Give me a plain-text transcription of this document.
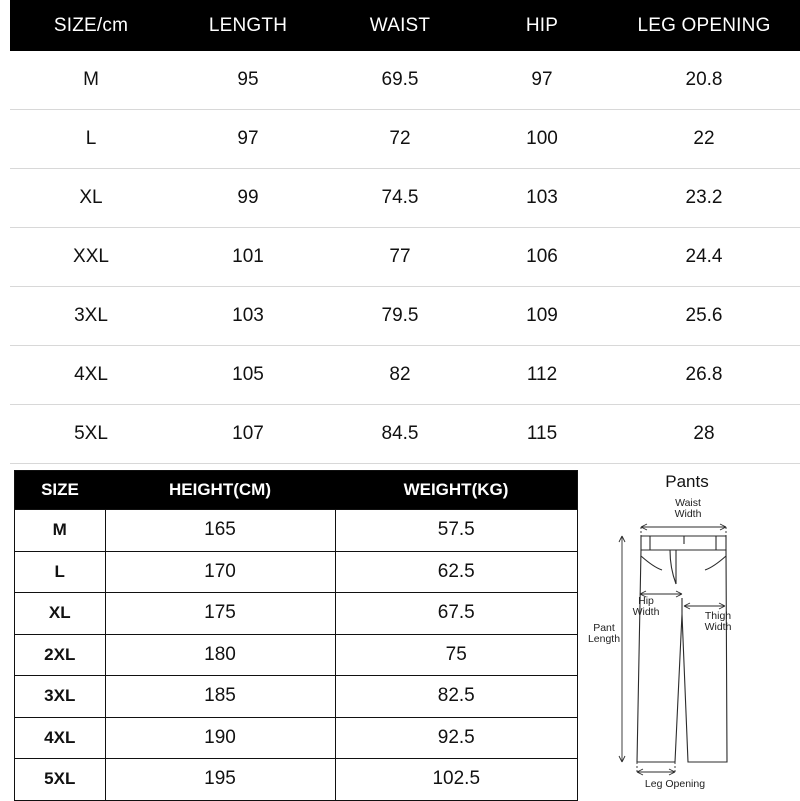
SIZE/cm	LENGTH	WAIST	HIP	LEG OPENING
M	95	69.5	97	20.8
L	97	72	100	22
XL	99	74.5	103	23.2
XXL	101	77	106	24.4
3XL	103	79.5	109	25.6
4XL	105	82	112	26.8
5XL	107	84.5	115	28
SIZE	HEIGHT(CM)	WEIGHT(KG)
M	165	57.5
L	170	62.5
XL	175	67.5
2XL	180	75
3XL	185	82.5
4XL	190	92.5
5XL	195	102.5
Pants
Waist
Width
Hip
Width	Thigh
Width
Pant
Length
Leg Opening
